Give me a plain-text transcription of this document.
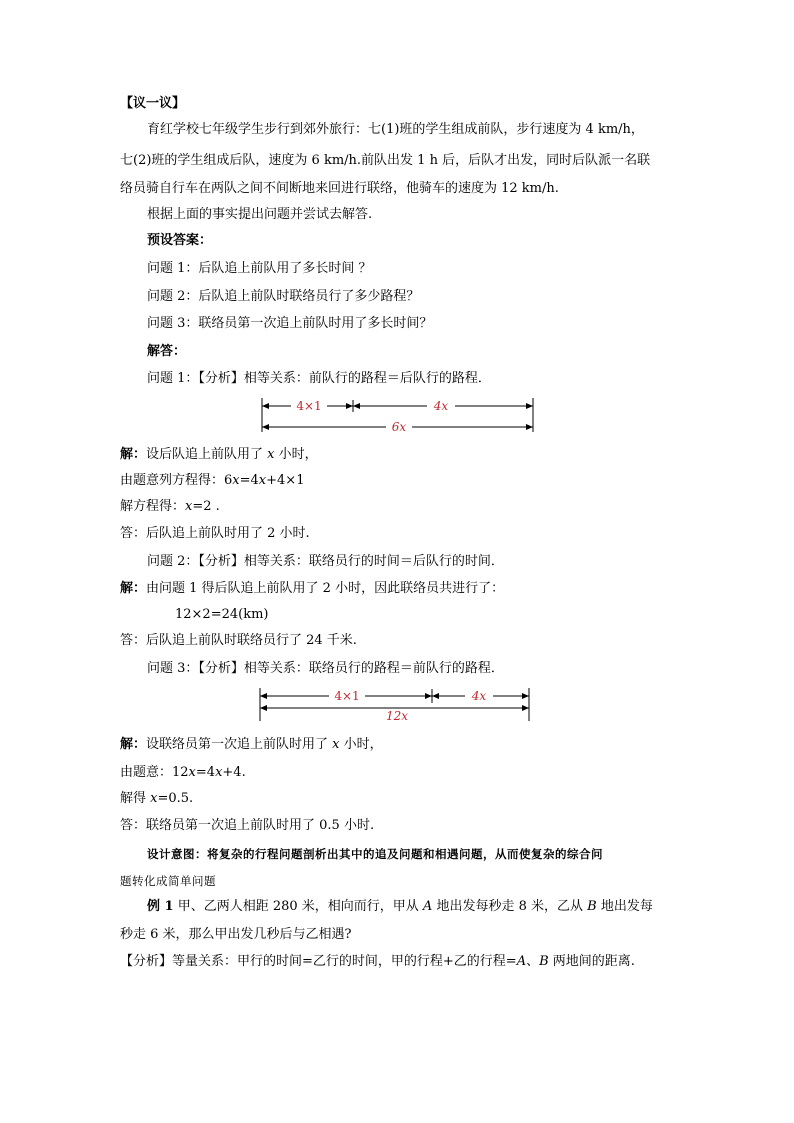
【议一议】
育红学校七年级学生步行到郊外旅行：七(1)班的学生组成前队，步行速度为 4 km/h，
七(2)班的学生组成后队，速度为 6 km/h.前队出发 1 h 后，后队才出发，同时后队派一名联
络员骑自行车在两队之间不间断地来回进行联络，他骑车的速度为 12 km/h.
根据上面的事实提出问题并尝试去解答.
预设答案：
问题 1：后队追上前队用了多长时间 ？
问题 2：后队追上前队时联络员行了多少路程？
问题 3：联络员第一次追上前队时用了多长时间？
解答：
问题 1：【分析】相等关系：前队行的路程＝后队行的路程．
4×1	4x
6x
解：设后队追上前队用了 x 小时，
由题意列方程得：6x=4x+4×1
解方程得：x=2 .
答：后队追上前队时用了 2 小时.
问题 2：【分析】相等关系：联络员行的时间＝后队行的时间．
解：由问题 1 得后队追上前队用了 2 小时，因此联络员共进行了：
12×2=24(km)
答：后队追上前队时联络员行了 24 千米.
问题 3：【分析】相等关系：联络员行的路程＝前队行的路程．
4×1	4x
12x
解：设联络员第一次追上前队时用了 x 小时，
由题意：12x=4x+4.
解得 x=0.5.
答：联络员第一次追上前队时用了 0.5 小时.
设计意图：将复杂的行程问题剖析出其中的追及问题和相遇问题，从而使复杂的综合问
题转化成简单问题
例 1 甲、乙两人相距 280 米，相向而行，甲从 A 地出发每秒走 8 米，乙从 B 地出发每
秒走 6 米，那么甲出发几秒后与乙相遇?
【分析】等量关系：甲行的时间=乙行的时间，甲的行程+乙的行程=A、B 两地间的距离.
